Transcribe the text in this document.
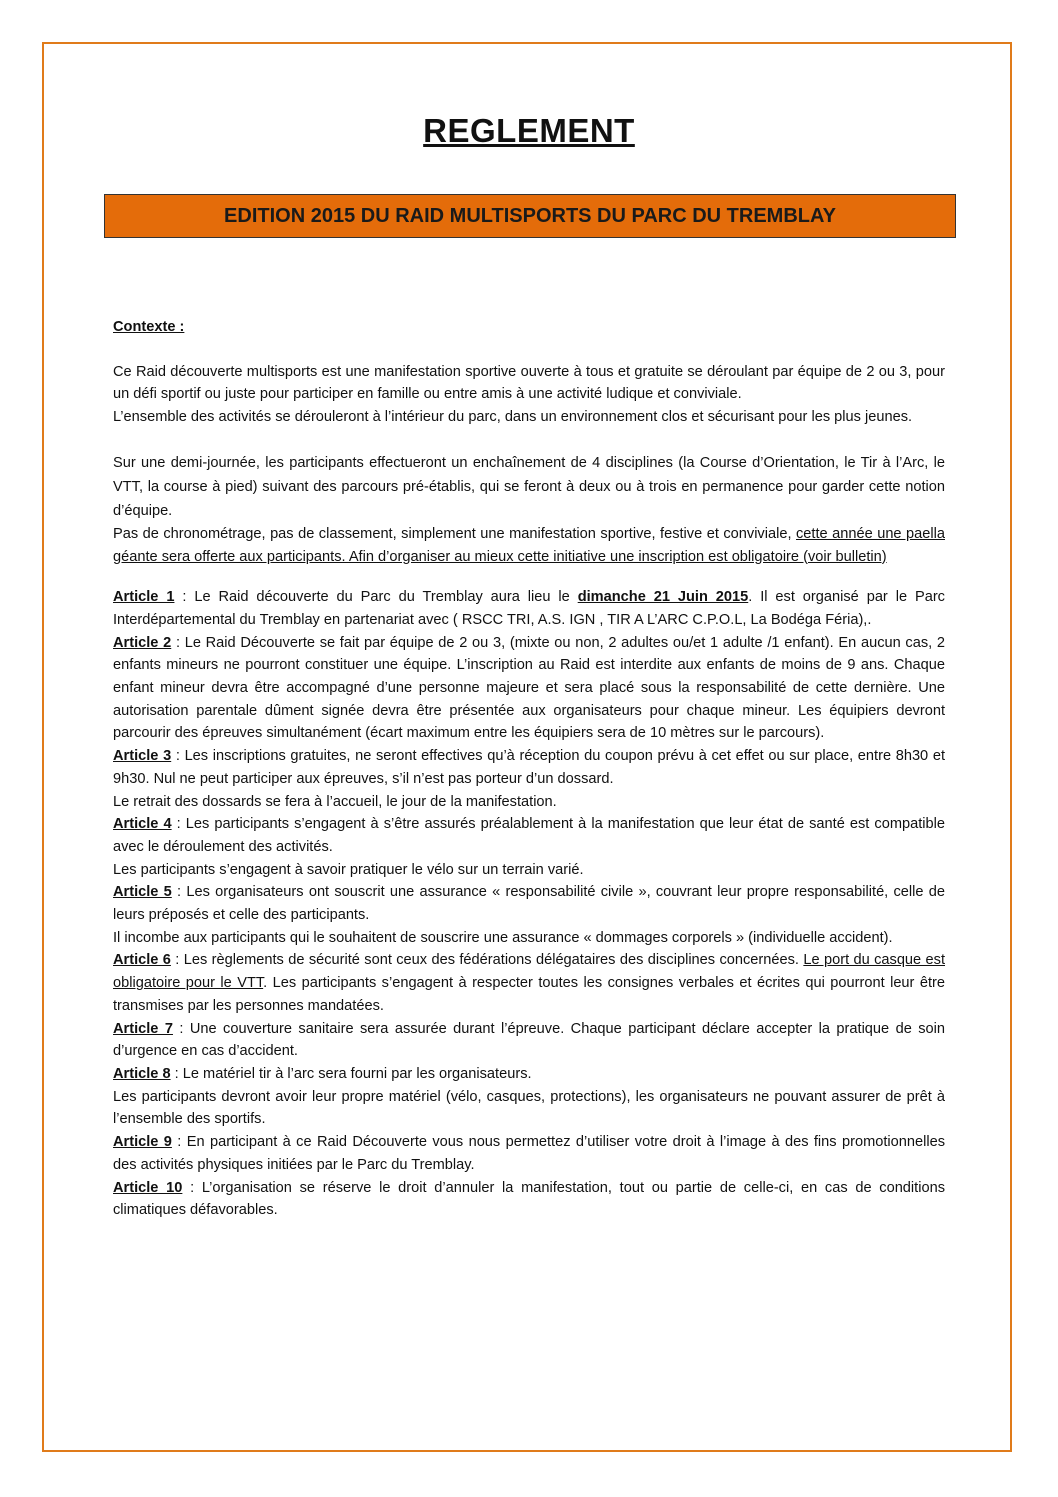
REGLEMENT
EDITION 2015 DU RAID MULTISPORTS DU PARC DU TREMBLAY

Contexte :

Ce Raid découverte multisports est une manifestation sportive ouverte à tous et gratuite se déroulant par équipe de 2 ou 3, pour un défi sportif ou juste pour participer en famille ou entre amis à une activité ludique et conviviale.

L’ensemble des activités se dérouleront à l’intérieur du parc, dans un environnement clos et sécurisant pour les plus jeunes.

Sur une demi-journée, les participants effectueront un enchaînement de 4 disciplines (la Course d’Orientation, le Tir à l’Arc, le VTT, la course à pied) suivant des parcours pré-établis, qui se feront à deux ou à trois en permanence pour garder cette notion d’équipe.

Pas de chronométrage, pas de classement, simplement une manifestation sportive, festive et conviviale, cette année une paella géante sera offerte aux participants. Afin d’organiser au mieux cette initiative une inscription est obligatoire (voir bulletin)

Article 1 : Le Raid découverte du Parc du Tremblay aura lieu le dimanche 21 Juin 2015. Il est organisé par le Parc Interdépartemental du Tremblay en partenariat avec ( RSCC TRI, A.S. IGN , TIR A L’ARC C.P.O.L, La Bodéga Féria),.

Article 2 : Le Raid Découverte se fait par équipe de 2 ou 3, (mixte ou non, 2 adultes ou/et 1 adulte /1 enfant). En aucun cas, 2 enfants mineurs ne pourront constituer une équipe. L’inscription au Raid est interdite aux enfants de moins de 9 ans. Chaque enfant mineur devra être accompagné d’une personne majeure et sera placé sous la responsabilité de cette dernière. Une autorisation parentale dûment signée devra être présentée aux organisateurs pour chaque mineur. Les équipiers devront parcourir des épreuves simultanément (écart maximum entre les équipiers sera de 10 mètres sur le parcours).

Article 3 : Les inscriptions gratuites, ne seront effectives qu’à réception du coupon prévu à cet effet ou sur place, entre 8h30 et 9h30. Nul ne peut participer aux épreuves, s’il n’est pas porteur d’un dossard.

Le retrait des dossards se fera à l’accueil, le jour de la manifestation.

Article 4 : Les participants s’engagent à s’être assurés préalablement à la manifestation que leur état de santé est compatible avec le déroulement des activités.

Les participants s’engagent à savoir pratiquer le vélo sur un terrain varié.

Article 5 : Les organisateurs ont souscrit une assurance « responsabilité civile », couvrant leur propre responsabilité, celle de leurs préposés et celle des participants.

Il incombe aux participants qui le souhaitent de souscrire une assurance « dommages corporels » (individuelle accident).

Article 6 : Les règlements de sécurité sont ceux des fédérations délégataires des disciplines concernées. Le port du casque est obligatoire pour le VTT. Les participants s’engagent à respecter toutes les consignes verbales et écrites qui pourront leur être transmises par les personnes mandatées.

Article 7 : Une couverture sanitaire sera assurée durant l’épreuve. Chaque participant déclare accepter la pratique de soin d’urgence en cas d’accident.

Article 8 : Le matériel tir à l’arc sera fourni par les organisateurs.

Les participants devront avoir leur propre matériel (vélo, casques, protections), les organisateurs ne pouvant assurer de prêt à l’ensemble des sportifs.

Article 9 : En participant à ce Raid Découverte vous nous permettez d’utiliser votre droit à l’image à des fins promotionnelles des activités physiques initiées par le Parc du Tremblay.

Article 10 : L’organisation se réserve le droit d’annuler la manifestation, tout ou partie de celle-ci, en cas de conditions climatiques défavorables.
